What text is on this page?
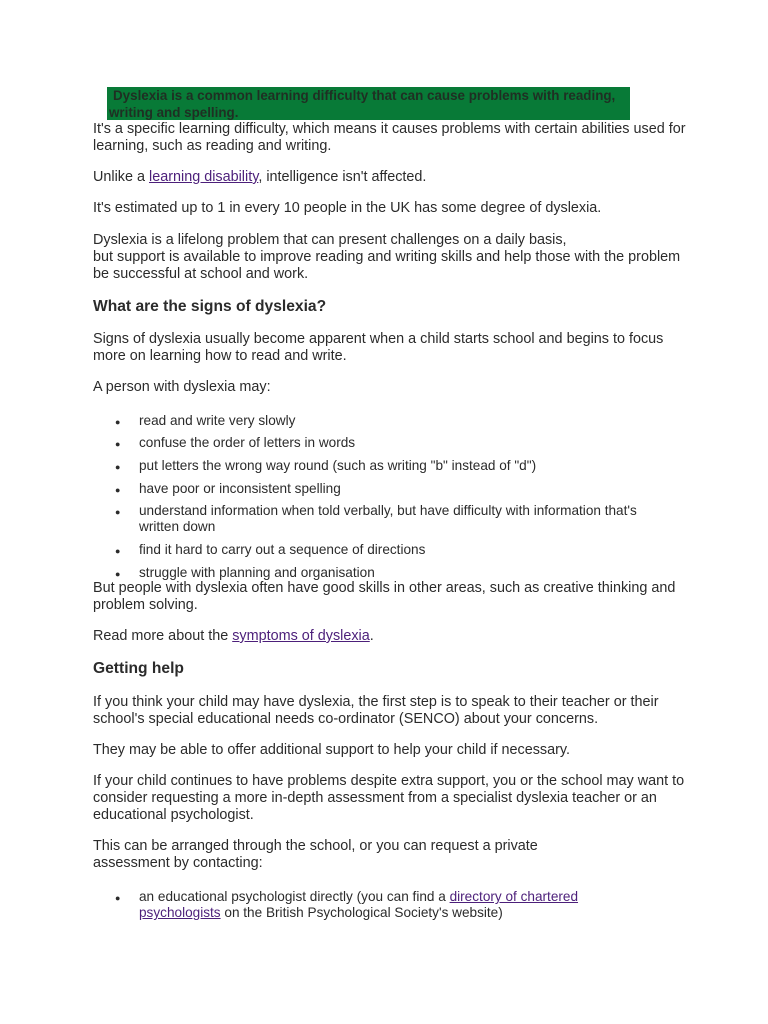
Dyslexia is a common learning difficulty that can cause problems with reading, writing and spelling.

It's a specific learning difficulty, which means it causes problems with certain abilities used for learning, such as reading and writing.

Unlike a learning disability, intelligence isn't affected.

It's estimated up to 1 in every 10 people in the UK has some degree of dyslexia.

Dyslexia is a lifelong problem that can present challenges on a daily basis,

but support is available to improve reading and writing skills and help those with the problem be successful at school and work.

What are the signs of dyslexia?

Signs of dyslexia usually become apparent when a child starts school and begins to focus more on learning how to read and write.

A person with dyslexia may:

● read and write very slowly

● confuse the order of letters in words

● put letters the wrong way round (such as writing "b" instead of "d")

● have poor or inconsistent spelling

● understand information when told verbally, but have difficulty with information that's written down

● find it hard to carry out a sequence of directions

● struggle with planning and organisation

But people with dyslexia often have good skills in other areas, such as creative thinking and problem solving.

Read more about the symptoms of dyslexia.

Getting help

If you think your child may have dyslexia, the first step is to speak to their teacher or their school's special educational needs co-ordinator (SENCO) about your concerns.

They may be able to offer additional support to help your child if necessary.

If your child continues to have problems despite extra support, you or the school may want to consider requesting a more in-depth assessment from a specialist dyslexia teacher or an educational psychologist.

This can be arranged through the school, or you can request a private

assessment by contacting:

● an educational psychologist directly (you can find a directory of chartered psychologists on the British Psychological Society's website)
